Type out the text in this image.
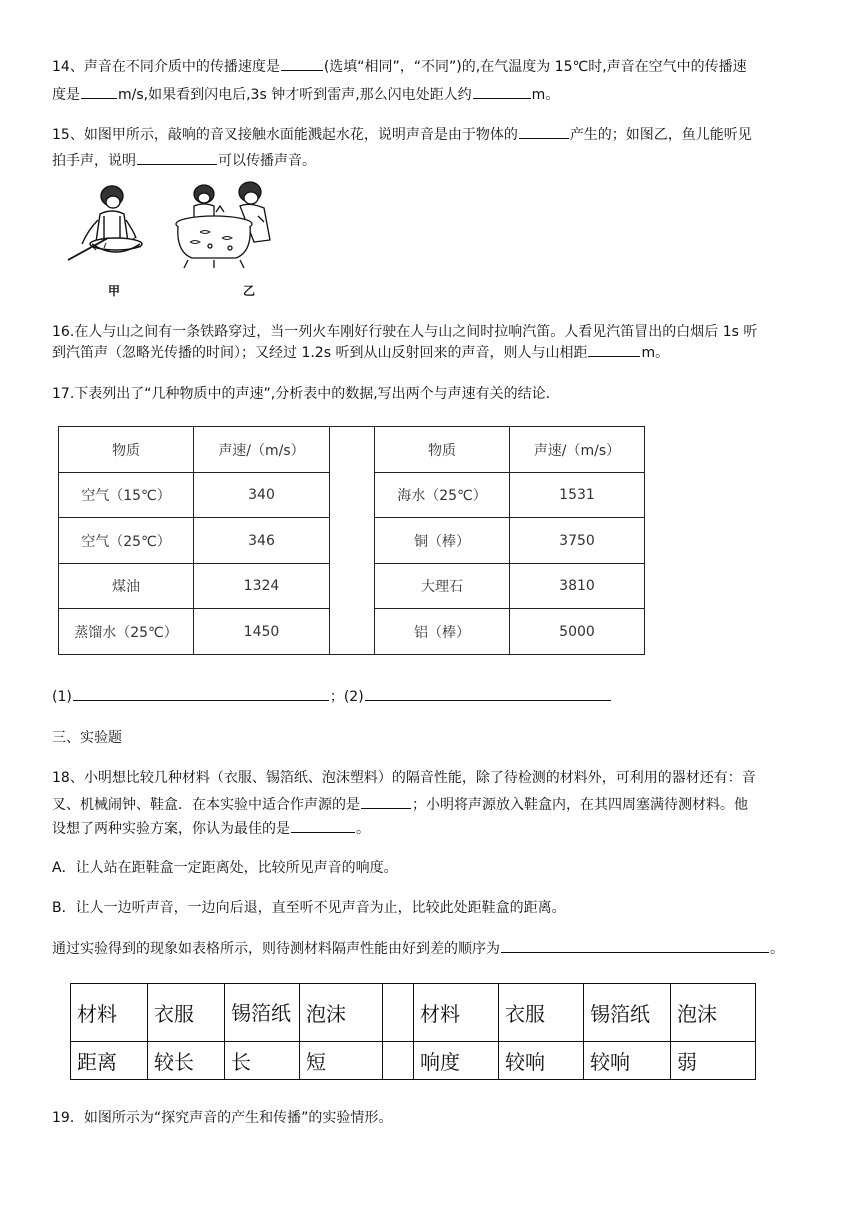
14、声音在不同介质中的传播速度是	(选填“相同”，“不同”)的,在气温度为 15℃时,声音在空气中的传播速
度是	m/s,如果看到闪电后,3s 钟才听到雷声,那么闪电处距人约	m。
15、如图甲所示，敲响的音叉接触水面能溅起水花，说明声音是由于物体的	产生的；如图乙，鱼儿能听见
拍手声，说明	可以传播声音。
甲	乙
16.在人与山之间有一条铁路穿过，当一列火车刚好行驶在人与山之间时拉响汽笛。人看见汽笛冒出的白烟后 1s 听
到汽笛声（忽略光传播的时间）；又经过 1.2s 听到从山反射回来的声音，则人与山相距	m。
17.下表列出了“几种物质中的声速”,分析表中的数据,写出两个与声速有关的结论.
物质	声速/（m/s）		物质	声速/（m/s）
空气（15℃）	340		海水（25℃）	1531
空气（25℃）	346		铜（棒）	3750
煤油	1324		大理石	3810
蒸馏水（25℃）	1450		铝（棒）	5000
(1)	；(2)
三、实验题
18、小明想比较几种材料（衣服、锡箔纸、泡沫塑料）的隔音性能，除了待检测的材料外，可利用的器材还有：音
叉、机械闹钟、鞋盒．在本实验中适合作声源的是	；小明将声源放入鞋盒内，在其四周塞满待测材料。他
设想了两种实验方案，你认为最佳的是	。
A．让人站在距鞋盒一定距离处，比较所见声音的响度。
B．让人一边听声音，一边向后退，直至听不见声音为止，比较此处距鞋盒的距离。
通过实验得到的现象如表格所示，则待测材料隔声性能由好到差的顺序为	。
材料	衣服	锡箔纸	泡沫		材料	衣服	锡箔纸	泡沫
距离	较长	长	短		响度	较响	较响	弱
19．如图所示为“探究声音的产生和传播”的实验情形。
